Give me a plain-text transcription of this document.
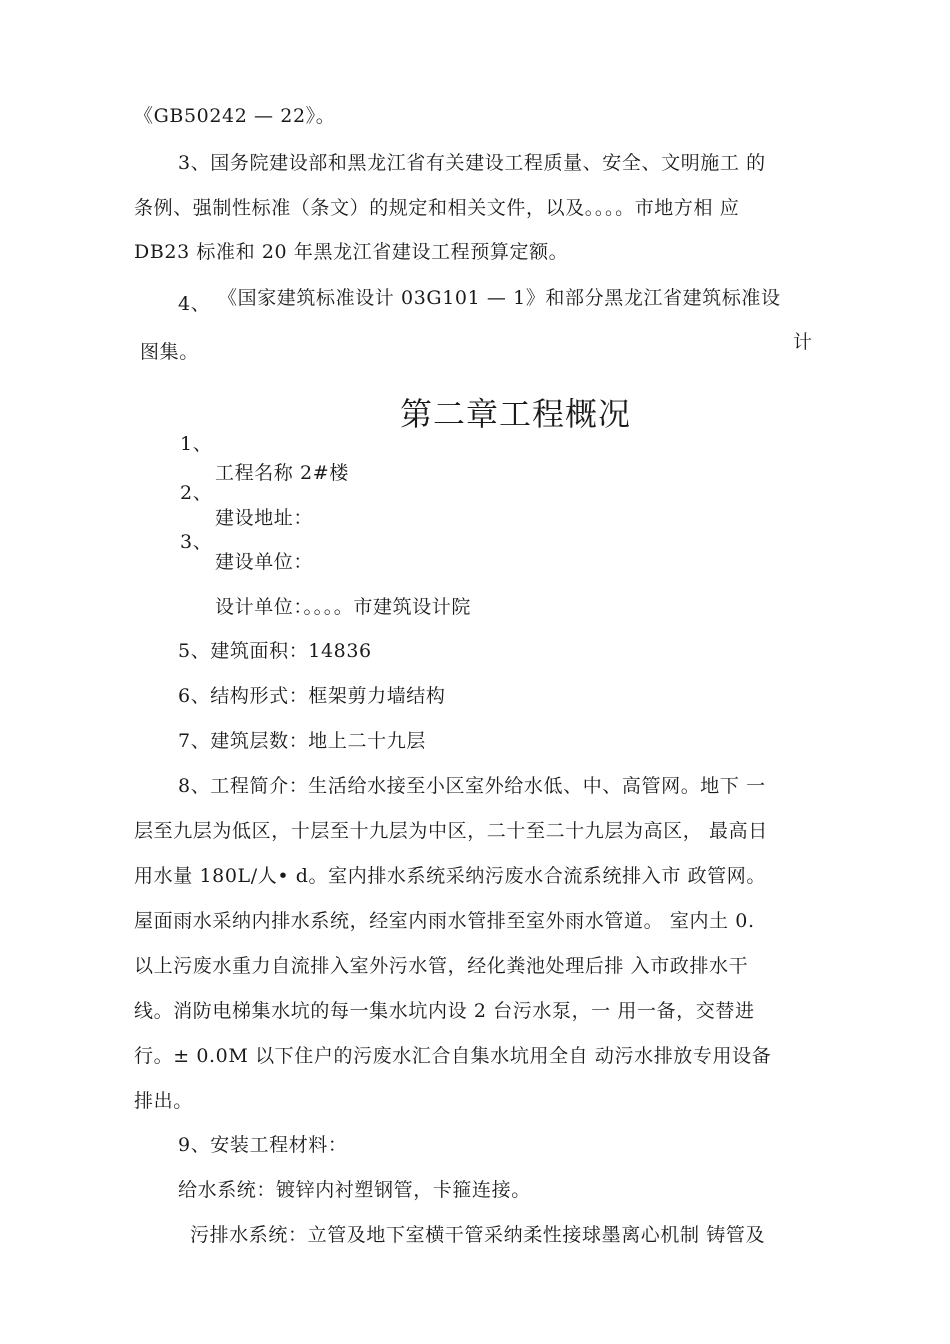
《GB50242 — 22》。
3、国务院建设部和黑龙江省有关建设工程质量、安全、文明施工 的
条例、强制性标准（条文）的规定和相关文件，以及。。。。市地方相 应
DB23 标准和 20 年黑龙江省建设工程预算定额。
4、 《国家建筑标准设计 03G101 — 1》和部分黑龙江省建筑标准设
计
图集。
第二章工程概况
1、
工程名称 2#楼
2、
建设地址：
3、
建设单位：
设计单位：。。。。市建筑设计院
5、建筑面积：14836
6、结构形式：框架剪力墙结构
7、建筑层数：地上二十九层
8、工程简介：生活给水接至小区室外给水低、中、高管网。地下 一
层至九层为低区，十层至十九层为中区，二十至二十九层为高区， 最高日
用水量 180L/人• d。室内排水系统采纳污废水合流系统排入市 政管网。
屋面雨水采纳内排水系统，经室内雨水管排至室外雨水管道。 室内土 0.
以上污废水重力自流排入室外污水管，经化粪池处理后排 入市政排水干
线。消防电梯集水坑的每一集水坑内设 2 台污水泵，一 用一备，交替进
行。± 0.0M 以下住户的污废水汇合自集水坑用全自 动污水排放专用设备
排出。
9、安装工程材料：
给水系统：镀锌内衬塑钢管，卡箍连接。
污排水系统：立管及地下室横干管采纳柔性接球墨离心机制 铸管及
